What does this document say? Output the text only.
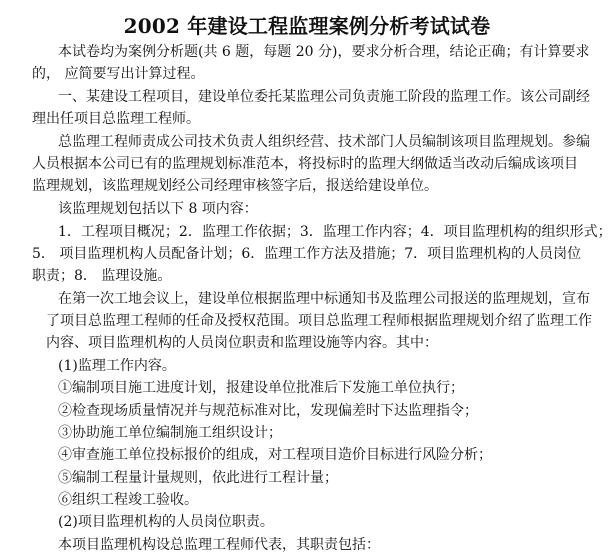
2002 年建设工程监理案例分析考试试卷
本试卷均为案例分析题(共 6 题，每题 20 分)，要求分析合理，结论正确；有计算要求
的， 应简要写出计算过程。
一、某建设工程项目，建设单位委托某监理公司负责施工阶段的监理工作。该公司副经
理出任项目总监理工程师。
总监理工程师责成公司技术负责人组织经营、技术部门人员编制该项目监理规划。参编
人员根据本公司已有的监理规划标准范本，将投标时的监理大纲做适当改动后编成该项目
监理规划，该监理规划经公司经理审核签字后，报送给建设单位。
该监理规划包括以下 8 项内容：
1．工程项目概况；2．监理工作依据；3．监理工作内容；4．项目监理机构的组织形式；
5． 项目监理机构人员配备计划；6．监理工作方法及措施；7．项目监理机构的人员岗位
职责；8． 监理设施。
在第一次工地会议上，建设单位根据监理中标通知书及监理公司报送的监理规划，宣布
了项目总监理工程师的任命及授权范围。项目总监理工程师根据监理规划介绍了监理工作
内容、项目监理机构的人员岗位职责和监理设施等内容。其中：
(1)监理工作内容。
①编制项目施工进度计划，报建设单位批准后下发施工单位执行；
②检查现场质量情况并与规范标准对比，发现偏差时下达监理指令；
③协助施工单位编制施工组织设计；
④审查施工单位投标报价的组成，对工程项目造价目标进行风险分析；
⑤编制工程量计量规则，依此进行工程计量；
⑥组织工程竣工验收。
(2)项目监理机构的人员岗位职责。
本项目监理机构设总监理工程师代表，其职责包括：
